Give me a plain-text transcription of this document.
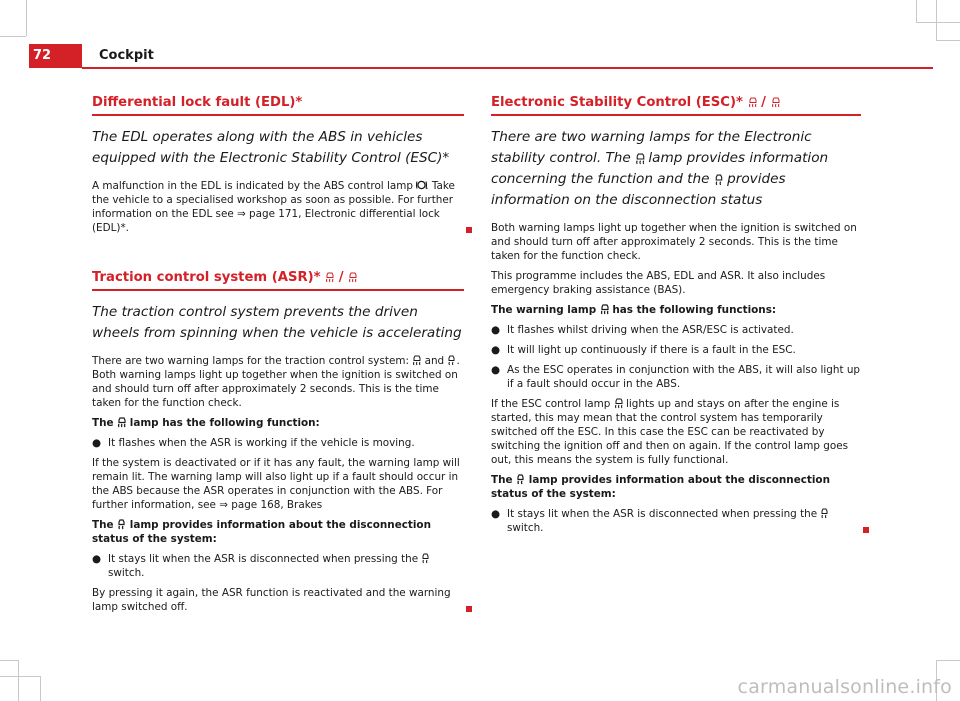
72	Cockpit
Differential lock fault (EDL)*
The EDL operates along with the ABS in vehicles equipped with the Electronic Stability Control (ESC)*

A malfunction in the EDL is indicated by the ABS control lamp
. Take the vehicle to a specialised workshop as soon as possible. For further information on the EDL see ⇒ page 171, Electronic differential lock (EDL)*.

Traction control system (ASR)* /
The traction control system prevents the driven wheels from spinning when the vehicle is accelerating

There are two warning lamps for the traction control system:
and
. Both warning lamps light up together when the ignition is switched on and should turn off after approximately 2 seconds. This is the time taken for the function check.

The
lamp has the following function:

● It flashes when the ASR is working if the vehicle is moving.

If the system is deactivated or if it has any fault, the warning lamp will remain lit. The warning lamp will also light up if a fault should occur in the ABS because the ASR operates in conjunction with the ABS. For further information, see ⇒ page 168, Brakes

The
lamp provides information about the disconnection status of the system:

● It stays lit when the ASR is disconnected when pressing the
switch.

By pressing it again, the ASR function is reactivated and the warning lamp switched off.

Electronic Stability Control (ESC)* /
There are two warning lamps for the Electronic stability control. The
lamp provides information concerning the function and the
provides information on the disconnection status

Both warning lamps light up together when the ignition is switched on and should turn off after approximately 2 seconds. This is the time taken for the function check.

This programme includes the ABS, EDL and ASR. It also includes emergency braking assistance (BAS).

The warning lamp
has the following functions:

● It flashes whilst driving when the ASR/ESC is activated.
● It will light up continuously if there is a fault in the ESC.
● As the ESC operates in conjunction with the ABS, it will also light up if a fault should occur in the ABS.

If the ESC control lamp
lights up and stays on after the engine is started, this may mean that the control system has temporarily switched off the ESC. In this case the ESC can be reactivated by switching the ignition off and then on again. If the control lamp goes out, this means the system is fully functional.

The
lamp provides information about the disconnection status of the system:

● It stays lit when the ASR is disconnected when pressing the
switch.
carmanualsonline.info
